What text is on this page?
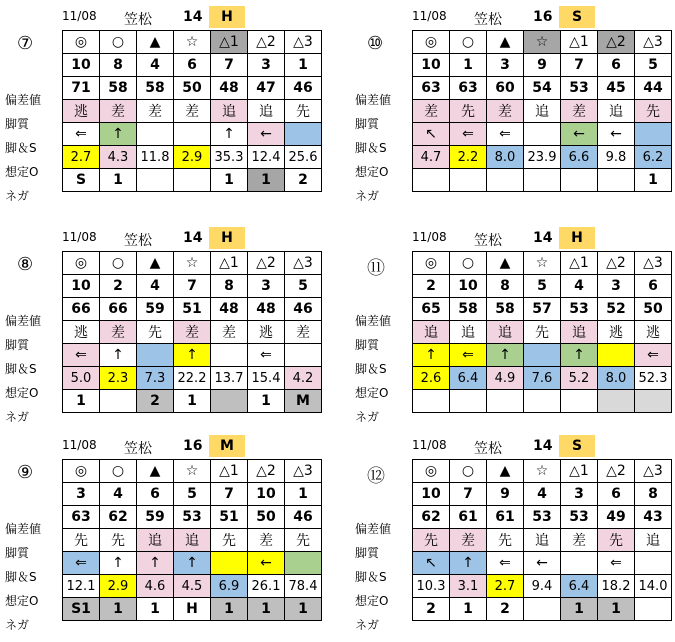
11/08 笠松 14	H
◎	○	▲	☆	△1	△2	△3
10	8	4	6	7	3	1
71	58	58	50	48	47	46
逃	差	差	差	追	追	先
⇐	↑			↑	←	
2.7	4.3	11.8	2.9	35.3	12.4	25.6
S	1			1	1	2
⑦
偏差値
脚質
脚＆S
想定O
ネガ
11/08 笠松 16	S
◎	○	▲	☆	△1	△2	△3
10	1	3	9	7	6	5
63	63	60	54	53	45	44
差	先	差	追	差	追	先
↖	⇐	⇐		←	←	
4.7	2.2	8.0	23.9	6.6	9.8	6.2
						1
⑩
偏差値
脚質
脚＆S
想定O
ネガ
11/08 笠松 14	H
◎	○	▲	☆	△1	△2	△3
10	2	4	7	8	3	5
66	66	59	51	48	48	46
逃	差	先	差	差	逃	差
⇐	↑		↑		⇐	
5.0	2.3	7.3	22.2	13.7	15.4	4.2
1		2	1		1	M
⑧
偏差値
脚質
脚＆S
想定O
ネガ
11/08 笠松 14	H
◎	○	▲	☆	△1	△2	△3
2	10	8	5	4	3	6
65	58	58	57	53	52	50
追	追	追	先	追	逃	逃
↑	⇐	↑		↑		⇐
2.6	6.4	4.9	7.6	5.2	8.0	52.3

⑪
偏差値
脚質
脚＆S
想定O
ネガ
11/08 笠松 16	M
◎	○	▲	☆	△1	△2	△3
3	4	6	5	7	10	1
63	62	59	53	51	50	46
先	先	追	追	先	差	先
⇐	↑	↑	↑		←	
12.1	2.9	4.6	4.5	6.9	26.1	78.4
S1	1	1	H	1	1	1
⑨
偏差値
脚質
脚＆S
想定O
ネガ
11/08 笠松 14	S
◎	○	▲	☆	△1	△2	△3
10	7	9	4	3	6	8
62	61	61	53	53	49	43
先	差	先	追	差	先	追
↖	↑	⇐	←		⇐	
10.3	3.1	2.7	9.4	6.4	18.2	14.0
2	1	2		1	1	
⑫
偏差値
脚質
脚＆S
想定O
ネガ
